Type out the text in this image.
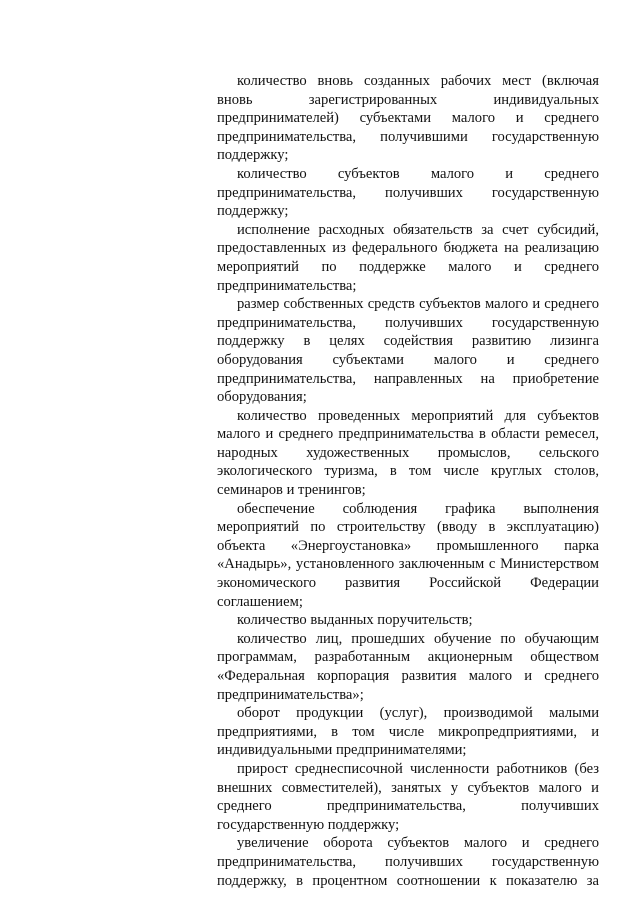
количество вновь созданных рабочих мест (включая вновь зарегистрированных индивидуальных предпринимателей) субъектами малого и среднего предпринимательства, получившими государственную поддержку;

количество субъектов малого и среднего предпринимательства, получивших государственную поддержку;

исполнение расходных обязательств за счет субсидий, предоставленных из федерального бюджета на реализацию мероприятий по поддержке малого и среднего предпринимательства;

размер собственных средств субъектов малого и среднего предпринимательства, получивших государственную поддержку в целях содействия развитию лизинга оборудования субъектами малого и среднего предпринимательства, направленных на приобретение оборудования;

количество проведенных мероприятий для субъектов малого и среднего предпринимательства в области ремесел, народных художественных промыслов, сельского экологического туризма, в том числе круглых столов, семинаров и тренингов;

обеспечение соблюдения графика выполнения мероприятий по строительству (вводу в эксплуатацию) объекта «Энергоустановка» промышленного парка «Анадырь», установленного заключенным с Министерством экономического развития Российской Федерации соглашением;

количество выданных поручительств;

количество лиц, прошедших обучение по обучающим программам, разработанным акционерным обществом «Федеральная корпорация развития малого и среднего предпринимательства»;

оборот продукции (услуг), производимой малыми предприятиями, в том числе микропредприятиями, и индивидуальными предпринимателями;

прирост среднесписочной численности работников (без внешних совместителей), занятых у субъектов малого и среднего предпринимательства, получивших государственную поддержку;

увеличение оборота субъектов малого и среднего предпринимательства, получивших государственную поддержку, в процентном соотношении к показателю за
